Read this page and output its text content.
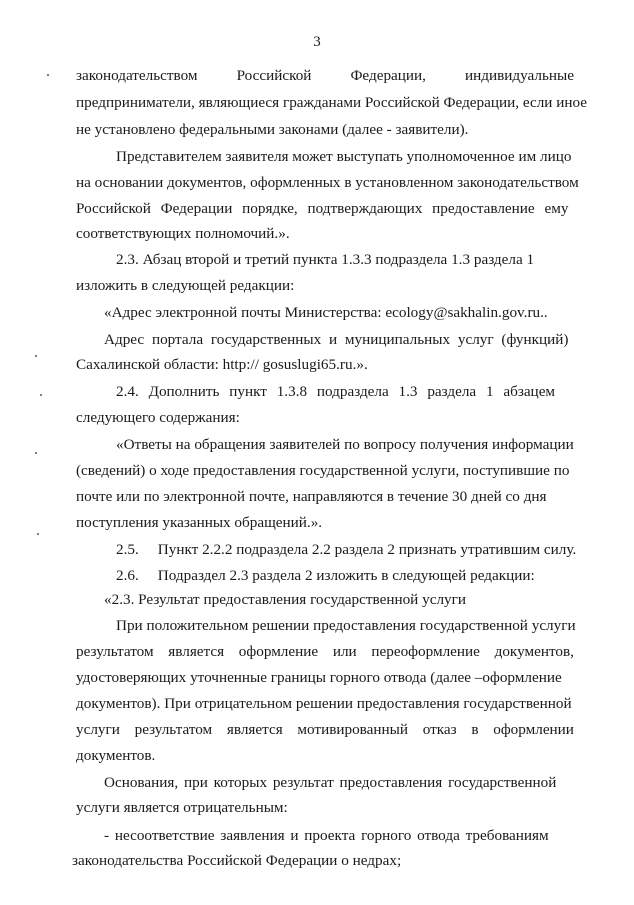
3
законодательством	Российской	Федерации,	индивидуальные
предприниматели, являющиеся гражданами Российской Федерации, если иное
не установлено федеральными законами (далее - заявители).
Представителем заявителя может выступать уполномоченное им лицо
на основании документов, оформленных в установленном законодательством
Российской Федерации порядке, подтверждающих предоставление ему
соответствующих полномочий.».
2.3. Абзац второй и третий пункта 1.3.3 подраздела 1.3 раздела 1
изложить в следующей редакции:
«Адрес электронной почты Министерства: ecology@sakhalin.gov.ru..
Адрес портала государственных и муниципальных услуг (функций)
Сахалинской области: http:// gosuslugi65.ru.».
2.4. Дополнить пункт 1.3.8 подраздела 1.3 раздела 1 абзацем
следующего содержания:
«Ответы на обращения заявителей по вопросу получения информации
(сведений) о ходе предоставления государственной услуги, поступившие по
почте или по электронной почте, направляются в течение 30 дней со дня
поступления указанных обращений.».
2.5.     Пункт 2.2.2 подраздела 2.2 раздела 2 признать утратившим силу.
2.6.     Подраздел 2.3 раздела 2 изложить в следующей редакции:
«2.3. Результат предоставления государственной услуги
При положительном решении предоставления государственной услуги
результатом является оформление или переоформление документов,
удостоверяющих уточненные границы горного отвода (далее –оформление
документов). При отрицательном решении предоставления государственной
услуги результатом является мотивированный отказ в оформлении
документов.
Основания, при которых результат предоставления государственной
услуги является отрицательным:
- несоответствие заявления и проекта горного отвода требованиям
законодательства Российской Федерации о недрах;
